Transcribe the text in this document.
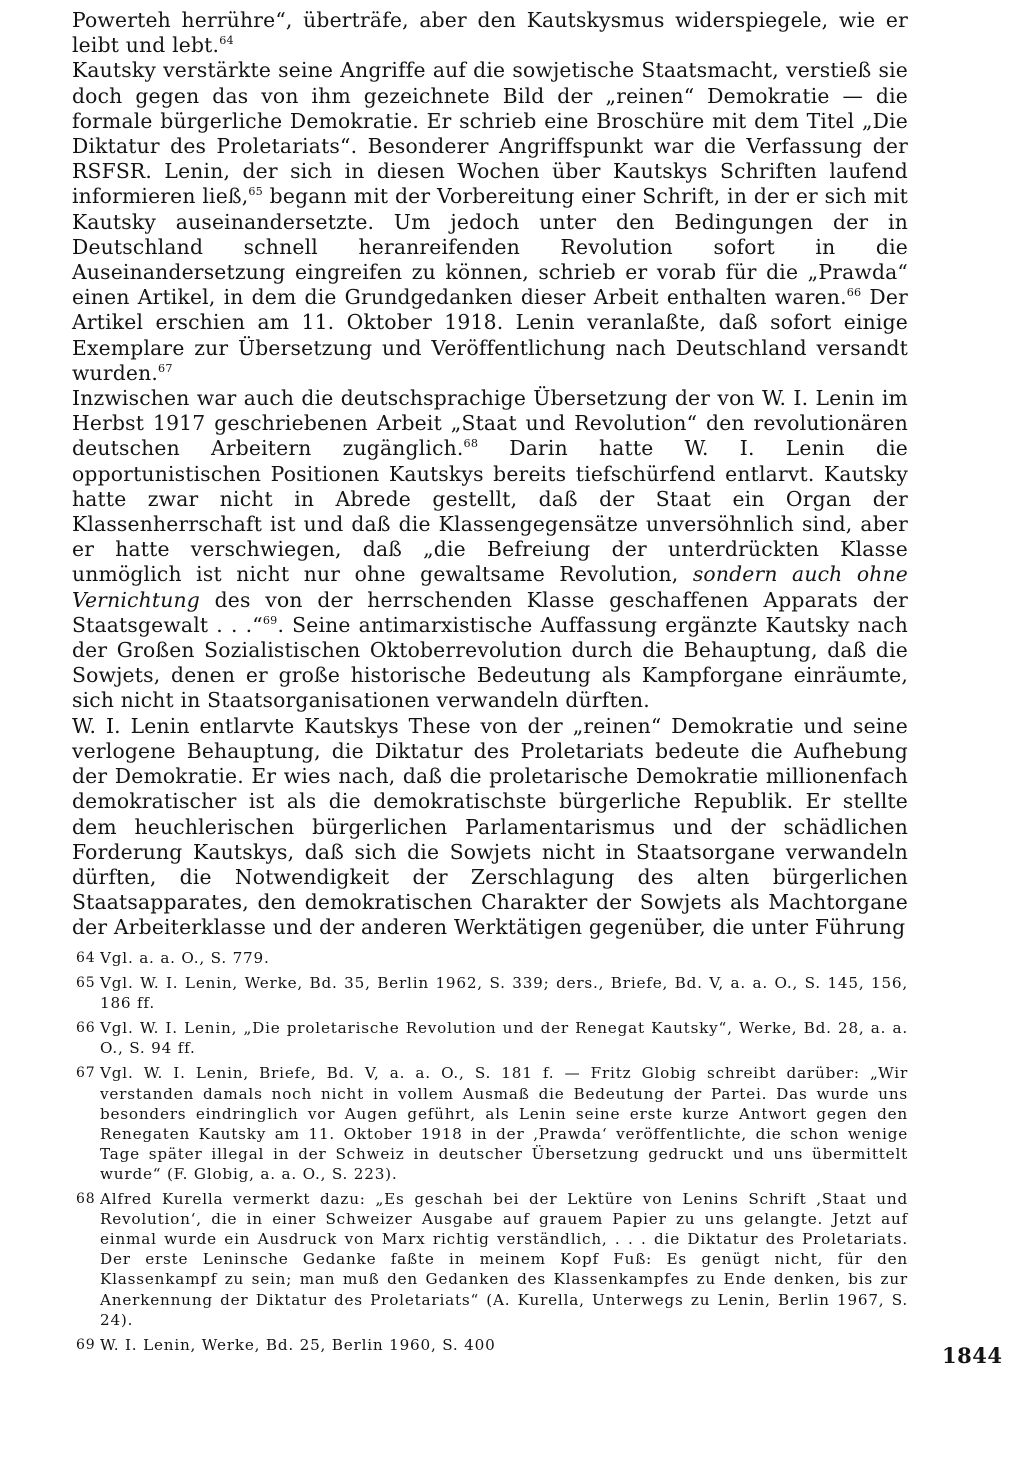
Powerteh herrühre“, überträfe, aber den Kautskysmus widerspiegele, wie er leibt und lebt.$^{64}$

Kautsky verstärkte seine Angriffe auf die sowjetische Staatsmacht, verstieß sie doch gegen das von ihm gezeichnete Bild der „reinen“ Demokratie — die formale bürgerliche Demokratie. Er schrieb eine Broschüre mit dem Titel „Die Diktatur des Proletariats“. Besonderer Angriffspunkt war die Verfassung der RSFSR. Lenin, der sich in diesen Wochen über Kautskys Schriften laufend informieren ließ,$^{65}$ begann mit der Vorbereitung einer Schrift, in der er sich mit Kautsky auseinandersetzte. Um jedoch unter den Bedingungen der in Deutschland schnell heranreifenden Revolution sofort in die Auseinandersetzung eingreifen zu können, schrieb er vorab für die „Prawda“ einen Artikel, in dem die Grundgedanken dieser Arbeit enthalten waren.$^{66}$ Der Artikel erschien am 11. Oktober 1918. Lenin veranlaßte, daß sofort einige Exemplare zur Übersetzung und Veröffentlichung nach Deutschland versandt wurden.$^{67}$

Inzwischen war auch die deutschsprachige Übersetzung der von W. I. Lenin im Herbst 1917 geschriebenen Arbeit „Staat und Revolution“ den revolutionären deutschen Arbeitern zugänglich.$^{68}$ Darin hatte W. I. Lenin die opportunistischen Positionen Kautskys bereits tiefschürfend entlarvt. Kautsky hatte zwar nicht in Abrede gestellt, daß der Staat ein Organ der Klassenherrschaft ist und daß die Klassengegensätze unversöhnlich sind, aber er hatte verschwiegen, daß „die Befreiung der unterdrückten Klasse unmöglich ist nicht nur ohne gewaltsame Revolution, sondern auch ohne Vernichtung des von der herrschenden Klasse geschaffenen Apparats der Staatsgewalt . . .“$^{69}$. Seine antimarxistische Auffassung ergänzte Kautsky nach der Großen Sozialistischen Oktoberrevolution durch die Behauptung, daß die Sowjets, denen er große historische Bedeutung als Kampforgane einräumte, sich nicht in Staatsorganisationen verwandeln dürften.

W. I. Lenin entlarvte Kautskys These von der „reinen“ Demokratie und seine verlogene Behauptung, die Diktatur des Proletariats bedeute die Aufhebung der Demokratie. Er wies nach, daß die proletarische Demokratie millionenfach demokratischer ist als die demokratischste bürgerliche Republik. Er stellte dem heuchlerischen bürgerlichen Parlamentarismus und der schädlichen Forderung Kautskys, daß sich die Sowjets nicht in Staatsorgane verwandeln dürften, die Notwendigkeit der Zerschlagung des alten bürgerlichen Staatsapparates, den demokratischen Charakter der Sowjets als Machtorgane der Arbeiterklasse und der anderen Werktätigen gegenüber, die unter Führung

64 Vgl. a. a. O., S. 779.
65 Vgl. W. I. Lenin, Werke, Bd. 35, Berlin 1962, S. 339; ders., Briefe, Bd. V, a. a. O., S. 145, 156, 186 ff.
66 Vgl. W. I. Lenin, „Die proletarische Revolution und der Renegat Kautsky“, Werke, Bd. 28, a. a. O., S. 94 ff.
67 Vgl. W. I. Lenin, Briefe, Bd. V, a. a. O., S. 181 f. — Fritz Globig schreibt darüber: „Wir verstanden damals noch nicht in vollem Ausmaß die Bedeutung der Partei. Das wurde uns besonders eindringlich vor Augen geführt, als Lenin seine erste kurze Antwort gegen den Renegaten Kautsky am 11. Oktober 1918 in der ‚Prawda‘ veröffentlichte, die schon wenige Tage später illegal in der Schweiz in deutscher Übersetzung gedruckt und uns übermittelt wurde“ (F. Globig, a. a. O., S. 223).
68 Alfred Kurella vermerkt dazu: „Es geschah bei der Lektüre von Lenins Schrift ‚Staat und Revolution‘, die in einer Schweizer Ausgabe auf grauem Papier zu uns gelangte. Jetzt auf einmal wurde ein Ausdruck von Marx richtig verständlich, . . . die Diktatur des Proletariats. Der erste Leninsche Gedanke faßte in meinem Kopf Fuß: Es genügt nicht, für den Klassenkampf zu sein; man muß den Gedanken des Klassenkampfes zu Ende denken, bis zur Anerkennung der Diktatur des Proletariats“ (A. Kurella, Unterwegs zu Lenin, Berlin 1967, S. 24).
69 W. I. Lenin, Werke, Bd. 25, Berlin 1960, S. 400	1844
